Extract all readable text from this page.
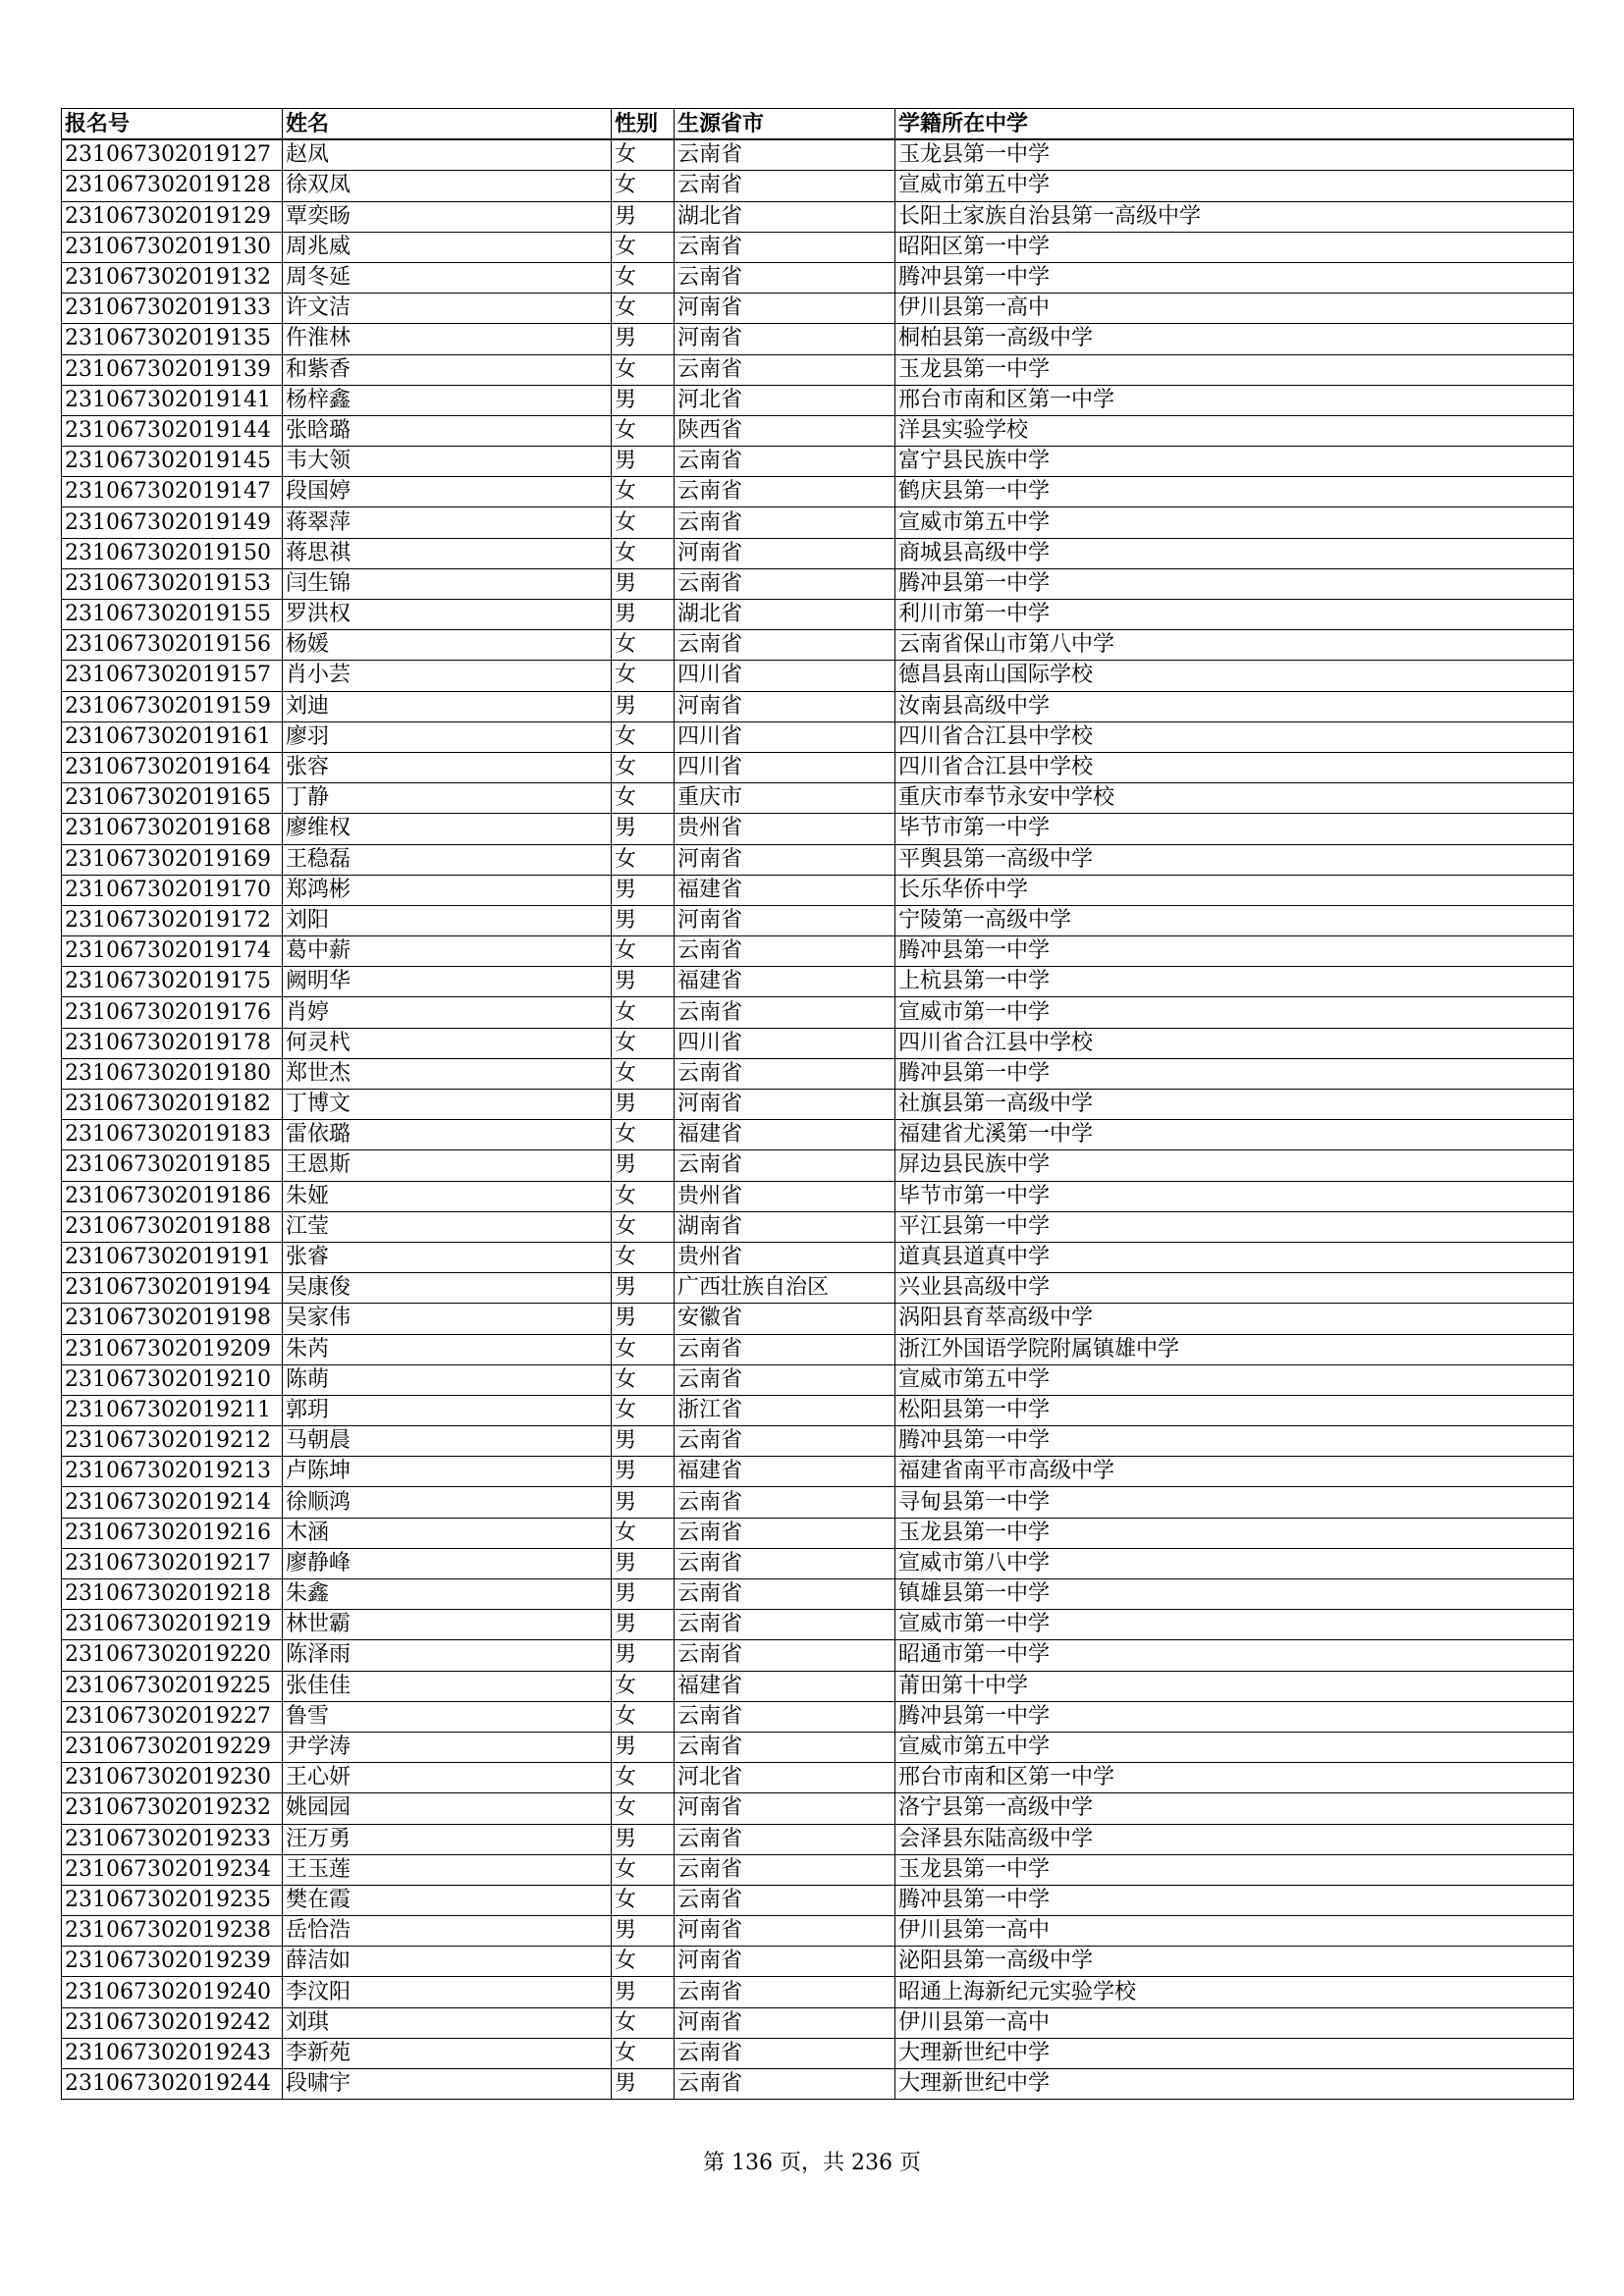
报名号	姓名	性别	生源省市	学籍所在中学
231067302019127	赵凤	女	云南省	玉龙县第一中学
231067302019128	徐双凤	女	云南省	宣威市第五中学
231067302019129	覃奕旸	男	湖北省	长阳土家族自治县第一高级中学
231067302019130	周兆威	女	云南省	昭阳区第一中学
231067302019132	周冬延	女	云南省	腾冲县第一中学
231067302019133	许文洁	女	河南省	伊川县第一高中
231067302019135	仵淮林	男	河南省	桐柏县第一高级中学
231067302019139	和紫香	女	云南省	玉龙县第一中学
231067302019141	杨梓鑫	男	河北省	邢台市南和区第一中学
231067302019144	张晗璐	女	陕西省	洋县实验学校
231067302019145	韦大领	男	云南省	富宁县民族中学
231067302019147	段国婷	女	云南省	鹤庆县第一中学
231067302019149	蒋翠萍	女	云南省	宣威市第五中学
231067302019150	蒋思祺	女	河南省	商城县高级中学
231067302019153	闫生锦	男	云南省	腾冲县第一中学
231067302019155	罗洪权	男	湖北省	利川市第一中学
231067302019156	杨媛	女	云南省	云南省保山市第八中学
231067302019157	肖小芸	女	四川省	德昌县南山国际学校
231067302019159	刘迪	男	河南省	汝南县高级中学
231067302019161	廖羽	女	四川省	四川省合江县中学校
231067302019164	张容	女	四川省	四川省合江县中学校
231067302019165	丁静	女	重庆市	重庆市奉节永安中学校
231067302019168	廖维权	男	贵州省	毕节市第一中学
231067302019169	王稳磊	女	河南省	平舆县第一高级中学
231067302019170	郑鸿彬	男	福建省	长乐华侨中学
231067302019172	刘阳	男	河南省	宁陵第一高级中学
231067302019174	葛中薪	女	云南省	腾冲县第一中学
231067302019175	阙明华	男	福建省	上杭县第一中学
231067302019176	肖婷	女	云南省	宣威市第一中学
231067302019178	何灵杙	女	四川省	四川省合江县中学校
231067302019180	郑世杰	女	云南省	腾冲县第一中学
231067302019182	丁博文	男	河南省	社旗县第一高级中学
231067302019183	雷依璐	女	福建省	福建省尤溪第一中学
231067302019185	王恩斯	男	云南省	屏边县民族中学
231067302019186	朱娅	女	贵州省	毕节市第一中学
231067302019188	江莹	女	湖南省	平江县第一中学
231067302019191	张睿	女	贵州省	道真县道真中学
231067302019194	吴康俊	男	广西壮族自治区	兴业县高级中学
231067302019198	吴家伟	男	安徽省	涡阳县育萃高级中学
231067302019209	朱芮	女	云南省	浙江外国语学院附属镇雄中学
231067302019210	陈萌	女	云南省	宣威市第五中学
231067302019211	郭玥	女	浙江省	松阳县第一中学
231067302019212	马朝晨	男	云南省	腾冲县第一中学
231067302019213	卢陈坤	男	福建省	福建省南平市高级中学
231067302019214	徐顺鸿	男	云南省	寻甸县第一中学
231067302019216	木涵	女	云南省	玉龙县第一中学
231067302019217	廖静峰	男	云南省	宣威市第八中学
231067302019218	朱鑫	男	云南省	镇雄县第一中学
231067302019219	林世霸	男	云南省	宣威市第一中学
231067302019220	陈泽雨	男	云南省	昭通市第一中学
231067302019225	张佳佳	女	福建省	莆田第十中学
231067302019227	鲁雪	女	云南省	腾冲县第一中学
231067302019229	尹学涛	男	云南省	宣威市第五中学
231067302019230	王心妍	女	河北省	邢台市南和区第一中学
231067302019232	姚园园	女	河南省	洛宁县第一高级中学
231067302019233	汪万勇	男	云南省	会泽县东陆高级中学
231067302019234	王玉莲	女	云南省	玉龙县第一中学
231067302019235	樊在霞	女	云南省	腾冲县第一中学
231067302019238	岳恰浩	男	河南省	伊川县第一高中
231067302019239	薛洁如	女	河南省	泌阳县第一高级中学
231067302019240	李汶阳	男	云南省	昭通上海新纪元实验学校
231067302019242	刘琪	女	河南省	伊川县第一高中
231067302019243	李新苑	女	云南省	大理新世纪中学
231067302019244	段啸宇	男	云南省	大理新世纪中学
第 136 页，共 236 页
